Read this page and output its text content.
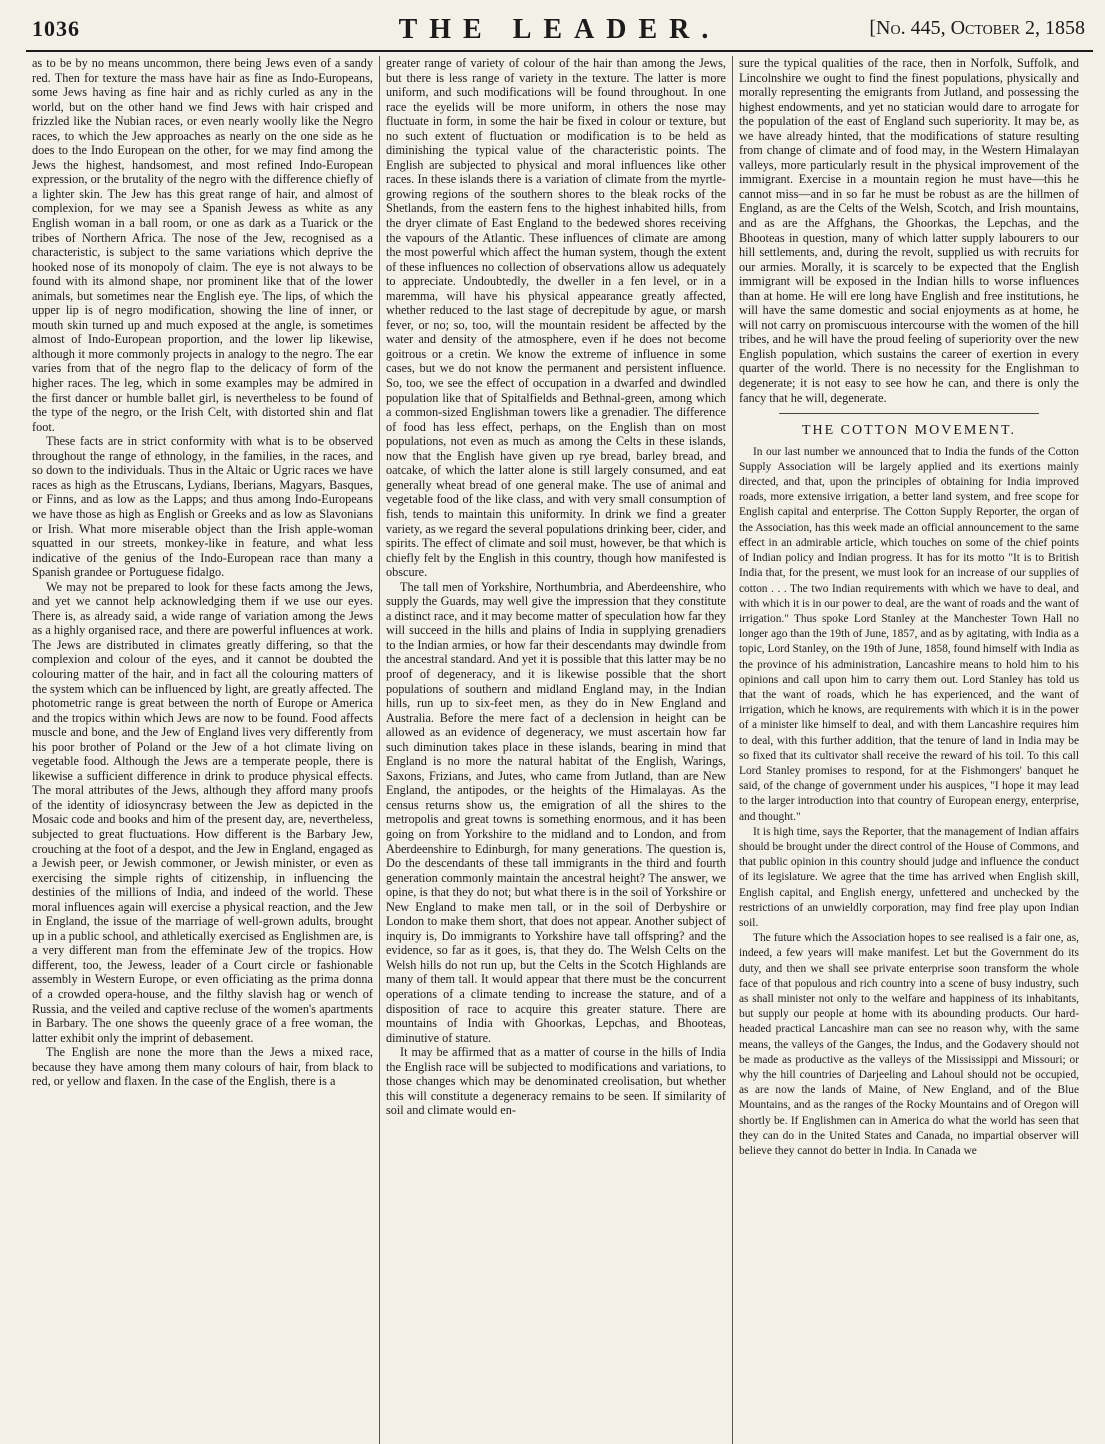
1036	THE LEADER.	[No. 445, October 2, 1858

as to be by no means uncommon, there being Jews even of a sandy red. Then for texture the mass have hair as fine as Indo-Europeans, some Jews having as fine hair and as richly curled as any in the world, but on the other hand we find Jews with hair crisped and frizzled like the Nubian races, or even nearly woolly like the Negro races, to which the Jew approaches as nearly on the one side as he does to the Indo European on the other, for we may find among the Jews the highest, handsomest, and most refined Indo-European expression, or the brutality of the negro with the difference chiefly of a lighter skin. The Jew has this great range of hair, and almost of complexion, for we may see a Spanish Jewess as white as any English woman in a ball room, or one as dark as a Tuarick or the tribes of Northern Africa. The nose of the Jew, recognised as a characteristic, is subject to the same variations which deprive the hooked nose of its monopoly of claim. The eye is not always to be found with its almond shape, nor prominent like that of the lower animals, but sometimes near the English eye. The lips, of which the upper lip is of negro modification, showing the line of inner, or mouth skin turned up and much exposed at the angle, is sometimes almost of Indo-European proportion, and the lower lip likewise, although it more commonly projects in analogy to the negro. The ear varies from that of the negro flap to the delicacy of form of the higher races. The leg, which in some examples may be admired in the first dancer or humble ballet girl, is nevertheless to be found of the type of the negro, or the Irish Celt, with distorted shin and flat foot.

These facts are in strict conformity with what is to be observed throughout the range of ethnology, in the families, in the races, and so down to the individuals. Thus in the Altaic or Ugric races we have races as high as the Etruscans, Lydians, Iberians, Magyars, Basques, or Finns, and as low as the Lapps; and thus among Indo-Europeans we have those as high as English or Greeks and as low as Slavonians or Irish. What more miserable object than the Irish apple-woman squatted in our streets, monkey-like in feature, and what less indicative of the genius of the Indo-European race than many a Spanish grandee or Portuguese fidalgo.

We may not be prepared to look for these facts among the Jews, and yet we cannot help acknowledging them if we use our eyes. There is, as already said, a wide range of variation among the Jews as a highly organised race, and there are powerful influences at work. The Jews are distributed in climates greatly differing, so that the complexion and colour of the eyes, and it cannot be doubted the colouring matter of the hair, and in fact all the colouring matters of the system which can be influenced by light, are greatly affected. The photometric range is great between the north of Europe or America and the tropics within which Jews are now to be found. Food affects muscle and bone, and the Jew of England lives very differently from his poor brother of Poland or the Jew of a hot climate living on vegetable food. Although the Jews are a temperate people, there is likewise a sufficient difference in drink to produce physical effects. The moral attributes of the Jews, although they afford many proofs of the identity of idiosyncrasy between the Jew as depicted in the Mosaic code and books and him of the present day, are, nevertheless, subjected to great fluctuations. How different is the Barbary Jew, crouching at the foot of a despot, and the Jew in England, engaged as a Jewish peer, or Jewish commoner, or Jewish minister, or even as exercising the simple rights of citizenship, in influencing the destinies of the millions of India, and indeed of the world. These moral influences again will exercise a physical reaction, and the Jew in England, the issue of the marriage of well-grown adults, brought up in a public school, and athletically exercised as Englishmen are, is a very different man from the effeminate Jew of the tropics. How different, too, the Jewess, leader of a Court circle or fashionable assembly in Western Europe, or even officiating as the prima donna of a crowded opera-house, and the filthy slavish hag or wench of Russia, and the veiled and captive recluse of the women's apartments in Barbary. The one shows the queenly grace of a free woman, the latter exhibit only the imprint of debasement.

The English are none the more than the Jews a mixed race, because they have among them many colours of hair, from black to red, or yellow and flaxen. In the case of the English, there is a

greater range of variety of colour of the hair than among the Jews, but there is less range of variety in the texture. The latter is more uniform, and such modifications will be found throughout. In one race the eyelids will be more uniform, in others the nose may fluctuate in form, in some the hair be fixed in colour or texture, but no such extent of fluctuation or modification is to be held as diminishing the typical value of the characteristic points. The English are subjected to physical and moral influences like other races. In these islands there is a variation of climate from the myrtle-growing regions of the southern shores to the bleak rocks of the Shetlands, from the eastern fens to the highest inhabited hills, from the dryer climate of East England to the bedewed shores receiving the vapours of the Atlantic. These influences of climate are among the most powerful which affect the human system, though the extent of these influences no collection of observations allow us adequately to appreciate. Undoubtedly, the dweller in a fen level, or in a maremma, will have his physical appearance greatly affected, whether reduced to the last stage of decrepitude by ague, or marsh fever, or no; so, too, will the mountain resident be affected by the water and density of the atmosphere, even if he does not become goitrous or a cretin. We know the extreme of influence in some cases, but we do not know the permanent and persistent influence. So, too, we see the effect of occupation in a dwarfed and dwindled population like that of Spitalfields and Bethnal-green, among which a common-sized Englishman towers like a grenadier. The difference of food has less effect, perhaps, on the English than on most populations, not even as much as among the Celts in these islands, now that the English have given up rye bread, barley bread, and oatcake, of which the latter alone is still largely consumed, and eat generally wheat bread of one general make. The use of animal and vegetable food of the like class, and with very small consumption of fish, tends to maintain this uniformity. In drink we find a greater variety, as we regard the several populations drinking beer, cider, and spirits. The effect of climate and soil must, however, be that which is chiefly felt by the English in this country, though how manifested is obscure.

The tall men of Yorkshire, Northumbria, and Aberdeenshire, who supply the Guards, may well give the impression that they constitute a distinct race, and it may become matter of speculation how far they will succeed in the hills and plains of India in supplying grenadiers to the Indian armies, or how far their descendants may dwindle from the ancestral standard. And yet it is possible that this latter may be no proof of degeneracy, and it is likewise possible that the short populations of southern and midland England may, in the Indian hills, run up to six-feet men, as they do in New England and Australia. Before the mere fact of a declension in height can be allowed as an evidence of degeneracy, we must ascertain how far such diminution takes place in these islands, bearing in mind that England is no more the natural habitat of the English, Warings, Saxons, Frizians, and Jutes, who came from Jutland, than are New England, the antipodes, or the heights of the Himalayas. As the census returns show us, the emigration of all the shires to the metropolis and great towns is something enormous, and it has been going on from Yorkshire to the midland and to London, and from Aberdeenshire to Edinburgh, for many generations. The question is, Do the descendants of these tall immigrants in the third and fourth generation commonly maintain the ancestral height? The answer, we opine, is that they do not; but what there is in the soil of Yorkshire or New England to make men tall, or in the soil of Derbyshire or London to make them short, that does not appear. Another subject of inquiry is, Do immigrants to Yorkshire have tall offspring? and the evidence, so far as it goes, is, that they do. The Welsh Celts on the Welsh hills do not run up, but the Celts in the Scotch Highlands are many of them tall. It would appear that there must be the concurrent operations of a climate tending to increase the stature, and of a disposition of race to acquire this greater stature. There are mountains of India with Ghoorkas, Lepchas, and Bhooteas, diminutive of stature.

It may be affirmed that as a matter of course in the hills of India the English race will be subjected to modifications and variations, to those changes which may be denominated creolisation, but whether this will constitute a degeneracy remains to be seen. If similarity of soil and climate would en-

sure the typical qualities of the race, then in Norfolk, Suffolk, and Lincolnshire we ought to find the finest populations, physically and morally representing the emigrants from Jutland, and possessing the highest endowments, and yet no statician would dare to arrogate for the population of the east of England such superiority. It may be, as we have already hinted, that the modifications of stature resulting from change of climate and of food may, in the Western Himalayan valleys, more particularly result in the physical improvement of the immigrant. Exercise in a mountain region he must have—this he cannot miss—and in so far he must be robust as are the hillmen of England, as are the Celts of the Welsh, Scotch, and Irish mountains, and as are the Affghans, the Ghoorkas, the Lepchas, and the Bhooteas in question, many of which latter supply labourers to our hill settlements, and, during the revolt, supplied us with recruits for our armies. Morally, it is scarcely to be expected that the English immigrant will be exposed in the Indian hills to worse influences than at home. He will ere long have English and free institutions, he will have the same domestic and social enjoyments as at home, he will not carry on promiscuous intercourse with the women of the hill tribes, and he will have the proud feeling of superiority over the new English population, which sustains the career of exertion in every quarter of the world. There is no necessity for the Englishman to degenerate; it is not easy to see how he can, and there is only the fancy that he will, degenerate.

THE COTTON MOVEMENT.

In our last number we announced that to India the funds of the Cotton Supply Association will be largely applied and its exertions mainly directed, and that, upon the principles of obtaining for India improved roads, more extensive irrigation, a better land system, and free scope for English capital and enterprise. The Cotton Supply Reporter, the organ of the Association, has this week made an official announcement to the same effect in an admirable article, which touches on some of the chief points of Indian policy and Indian progress. It has for its motto "It is to British India that, for the present, we must look for an increase of our supplies of cotton . . . The two Indian requirements with which we have to deal, and with which it is in our power to deal, are the want of roads and the want of irrigation." Thus spoke Lord Stanley at the Manchester Town Hall no longer ago than the 19th of June, 1857, and as by agitating, with India as a topic, Lord Stanley, on the 19th of June, 1858, found himself with India as the province of his administration, Lancashire means to hold him to his opinions and call upon him to carry them out. Lord Stanley has told us that the want of roads, which he has experienced, and the want of irrigation, which he knows, are requirements with which it is in the power of a minister like himself to deal, and with them Lancashire requires him to deal, with this further addition, that the tenure of land in India may be so fixed that its cultivator shall receive the reward of his toil. To this call Lord Stanley promises to respond, for at the Fishmongers' banquet he said, of the change of government under his auspices, "I hope it may lead to the larger introduction into that country of European energy, enterprise, and thought."

It is high time, says the Reporter, that the management of Indian affairs should be brought under the direct control of the House of Commons, and that public opinion in this country should judge and influence the conduct of its legislature. We agree that the time has arrived when English skill, English capital, and English energy, unfettered and unchecked by the restrictions of an unwieldly corporation, may find free play upon Indian soil.

The future which the Association hopes to see realised is a fair one, as, indeed, a few years will make manifest. Let but the Government do its duty, and then we shall see private enterprise soon transform the whole face of that populous and rich country into a scene of busy industry, such as shall minister not only to the welfare and happiness of its inhabitants, but supply our people at home with its abounding products. Our hard-headed practical Lancashire man can see no reason why, with the same means, the valleys of the Ganges, the Indus, and the Godavery should not be made as productive as the valleys of the Mississippi and Missouri; or why the hill countries of Darjeeling and Lahoul should not be occupied, as are now the lands of Maine, of New England, and of the Blue Mountains, and as the ranges of the Rocky Mountains and of Oregon will shortly be. If Englishmen can in America do what the world has seen that they can do in the United States and Canada, no impartial observer will believe they cannot do better in India. In Canada we
